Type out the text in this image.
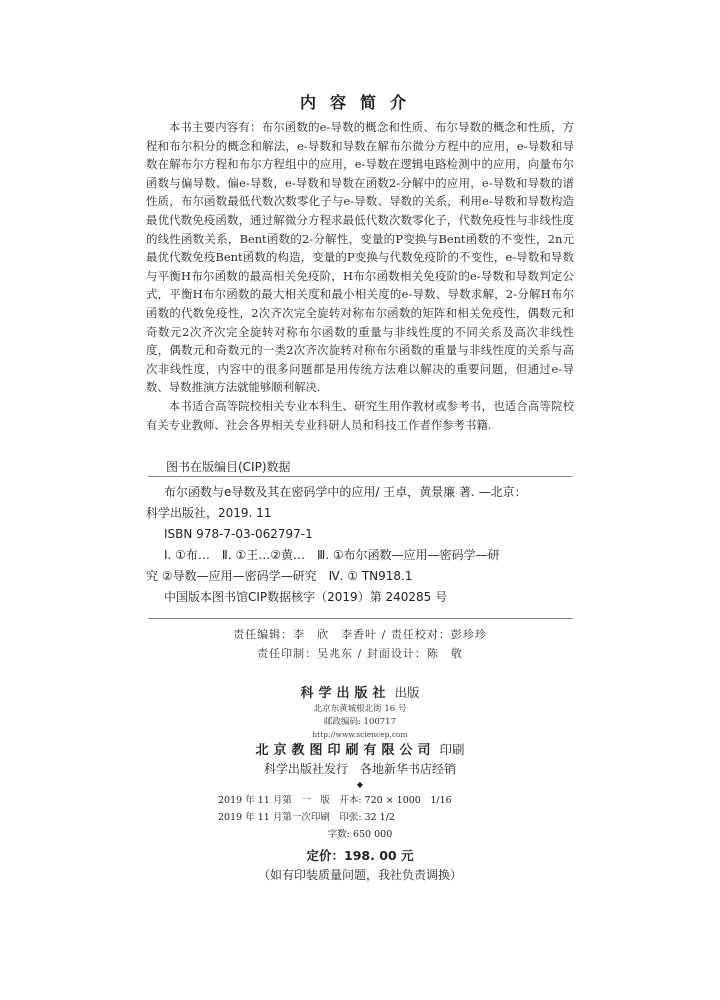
内容简介

本书主要内容有：布尔函数的e-导数的概念和性质、布尔导数的概念和性质，方程和布尔积分的概念和解法，e-导数和导数在解布尔微分方程中的应用，e-导数和导数在解布尔方程和布尔方程组中的应用，e-导数在逻辑电路检测中的应用，向量布尔函数与偏导数、偏e-导数，e-导数和导数在函数2-分解中的应用，e-导数和导数的谱性质，布尔函数最低代数次数零化子与e-导数、导数的关系，利用e-导数和导数构造最优代数免疫函数，通过解微分方程求最低代数次数零化子，代数免疫性与非线性度的线性函数关系，Bent函数的2-分解性，变量的P变换与Bent函数的不变性，2n元最优代数免疫Bent函数的构造，变量的P变换与代数免疫阶的不变性，e-导数和导数与平衡H布尔函数的最高相关免疫阶，H布尔函数相关免疫阶的e-导数和导数判定公式，平衡H布尔函数的最大相关度和最小相关度的e-导数、导数求解，2-分解H布尔函数的代数免疫性，2次齐次完全旋转对称布尔函数的矩阵和相关免疫性，偶数元和奇数元2次齐次完全旋转对称布尔函数的重量与非线性度的不同关系及高次非线性度，偶数元和奇数元的一类2次齐次旋转对称布尔函数的重量与非线性度的关系与高次非线性度，内容中的很多问题都是用传统方法难以解决的重要问题，但通过e-导数、导数推演方法就能够顺利解决.

本书适合高等院校相关专业本科生、研究生用作教材或参考书，也适合高等院校有关专业教师、社会各界相关专业科研人员和科技工作者作参考书籍.

图书在版编目(CIP)数据
布尔函数与e导数及其在密码学中的应用/ 王卓，黄景廉 著. —北京：
科学出版社，2019. 11
ISBN 978-7-03-062797-1
Ⅰ. ①布…　Ⅱ. ①王…②黄…　Ⅲ. ①布尔函数—应用—密码学—研
究 ②导数—应用—密码学—研究　Ⅳ. ① TN918.1
中国版本图书馆CIP数据核字（2019）第 240285 号
责任编辑：李　欣　李香叶 / 责任校对：彭珍珍
责任印制：吴兆东 / 封面设计：陈　敬
科学出版社 出版
北京东黄城根北街 16 号
邮政编码: 100717
http://www.sciencep.com
北京教图印刷有限公司 印刷
科学出版社发行　各地新华书店经销
◆
2019 年 11 月第　一　版　开本: 720 × 1000　1/16
2019 年 11 月第一次印刷　印张: 32 1/2
字数: 650 000
定价：198. 00 元
（如有印装质量问题，我社负责调换）
